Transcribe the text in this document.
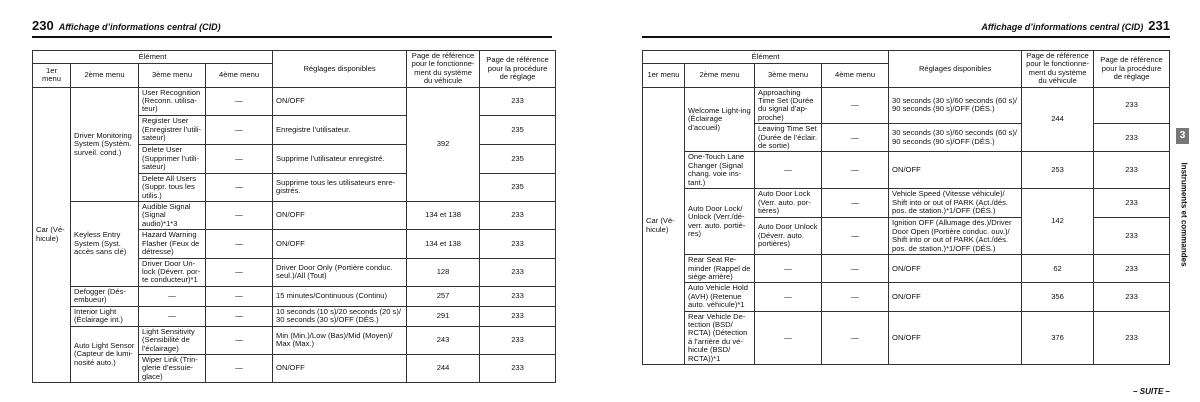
230 Affichage d’informations central (CID)
Élément				Réglages disponibles	Page de référence pour le fonctionne-ment du système du véhicule	Page de référence pour la procédure de réglage
1er menu	2ème menu	3ème menu	4ème menu			
Car (Vé-hicule)	Driver Monitoring System (Systèm. surveil. cond.)	User Recognition (Reconn. utilisa-teur)	—	ON/OFF	392	233
		Register User (Enregistrer l’utili-sateur)	—	Enregistre l’utilisateur.		235
		Delete User (Supprimer l’utili-sateur)	—	Supprime l’utilisateur enregistré.		235
		Delete All Users (Suppr. tous les utilis.)	—	Supprime tous les utilisateurs enre-gistrés.		235
	Keyless Entry System (Syst. accès sans clé)	Audible Signal (Signal audio)*1*3	—	ON/OFF	134 et 138	233
		Hazard Warning Flasher (Feux de détresse)	—	ON/OFF	134 et 138	233
		Driver Door Un-lock (Déverr. por-te conducteur)*1	—	Driver Door Only (Portière conduc. seul.)/All (Tout)	128	233
	Defogger (Dés-embueur)	—	—	15 minutes/Continuous (Continu)	257	233
	Interior Light (Éclairage int.)	—	—	10 seconds (10 s)/20 seconds (20 s)/ 30 seconds (30 s)/OFF (DÉS.)	291	233
	Auto Light Sensor (Capteur de lumi-nosité auto.)	Light Sensitivity (Sensibilité de l’éclairage)	—	Min (Min.)/Low (Bas)/Mid (Moyen)/ Max (Max.)	243	233
		Wiper Link (Trin-glerie d’essuie-glace)	—	ON/OFF	244	233
Affichage d’informations central (CID) 231
Élément				Réglages disponibles	Page de référence pour le fonctionne-ment du système du véhicule	Page de référence pour la procédure de réglage
1er menu	2ème menu	3ème menu	4ème menu			
Car (Vé-hicule)	Welcome Light-ing (Éclairage d’accueil)	Approaching Time Set (Durée du signal d’ap-proche)	—	30 seconds (30 s)/60 seconds (60 s)/ 90 seconds (90 s)/OFF (DÉS.)	244	233
		Leaving Time Set (Durée de l’éclair. de sortie)	—	30 seconds (30 s)/60 seconds (60 s)/ 90 seconds (90 s)/OFF (DÉS.)		233
	One-Touch Lane Changer (Signal chang. voie ins-tant.)	—	—	ON/OFF	253	233
	Auto Door Lock/ Unlock (Verr./dé-verr. auto. portiè-res)	Auto Door Lock (Verr. auto. por-tières)	—	Vehicle Speed (Vitesse véhicule)/ Shift into or out of PARK (Act./dés. pos. de station.)*1/OFF (DÉS.)	142	233
		Auto Door Unlock (Déverr. auto. portières)	—	Ignition OFF (Allumage dés.)/Driver Door Open (Portière conduc. ouv.)/ Shift into or out of PARK (Act./dés. pos. de station.)*1/OFF (DÉS.)		233
	Rear Seat Re-minder (Rappel de siège arrière)	—	—	ON/OFF	62	233
	Auto Vehicle Hold (AVH) (Retenue auto. véhicule)*1	—	—	ON/OFF	356	233
	Rear Vehicle De-tection (BSD/ RCTA) (Détection à l’arrière du vé-hicule (BSD/ RCTA))*1	—	—	ON/OFF	376	233
3
Instruments et commandes
– SUITE –
